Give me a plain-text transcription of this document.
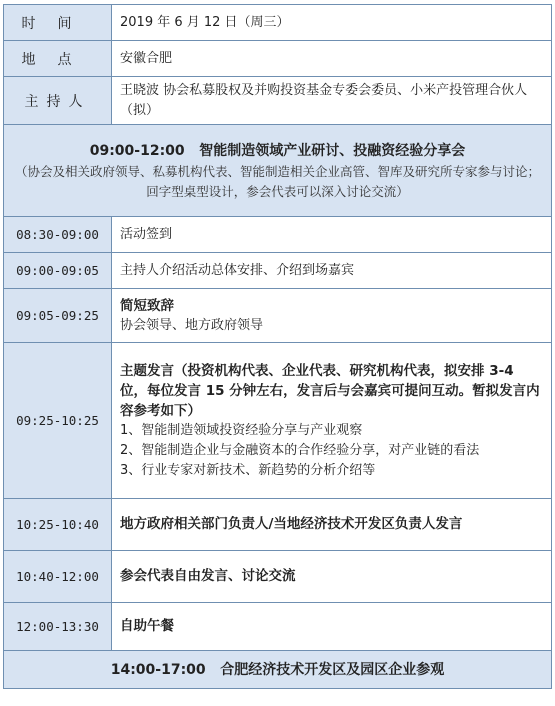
时间	2019 年 6 月 12 日（周三）
地点	安徽合肥
主持人	王晓波 协会私募股权及并购投资基金专委会委员、小米产投管理合伙人（拟）

09:00-12:00   智能制造领域产业研讨、投融资经验分享会
（协会及相关政府领导、私募机构代表、智能制造相关企业高管、智库及研究所专家参与讨论；回字型桌型设计，参会代表可以深入讨论交流）	

08:30-09:00	活动签到
09:00-09:05	主持人介绍活动总体安排、介绍到场嘉宾
09:05-09:25	简短致辞
协会领导、地方政府领导

09:25-10:25	主题发言（投资机构代表、企业代表、研究机构代表，拟安排 3-4 位，每位发言 15 分钟左右，发言后与会嘉宾可提问互动。暂拟发言内容参考如下）
1、智能制造领域投资经验分享与产业观察
2、智能制造企业与金融资本的合作经验分享，对产业链的看法
3、行业专家对新技术、新趋势的分析介绍等

10:25-10:40	地方政府相关部门负责人/当地经济技术开发区负责人发言
10:40-12:00	参会代表自由发言、讨论交流
12:00-13:30	自助午餐

14:00-17:00   合肥经济技术开发区及园区企业参观	
